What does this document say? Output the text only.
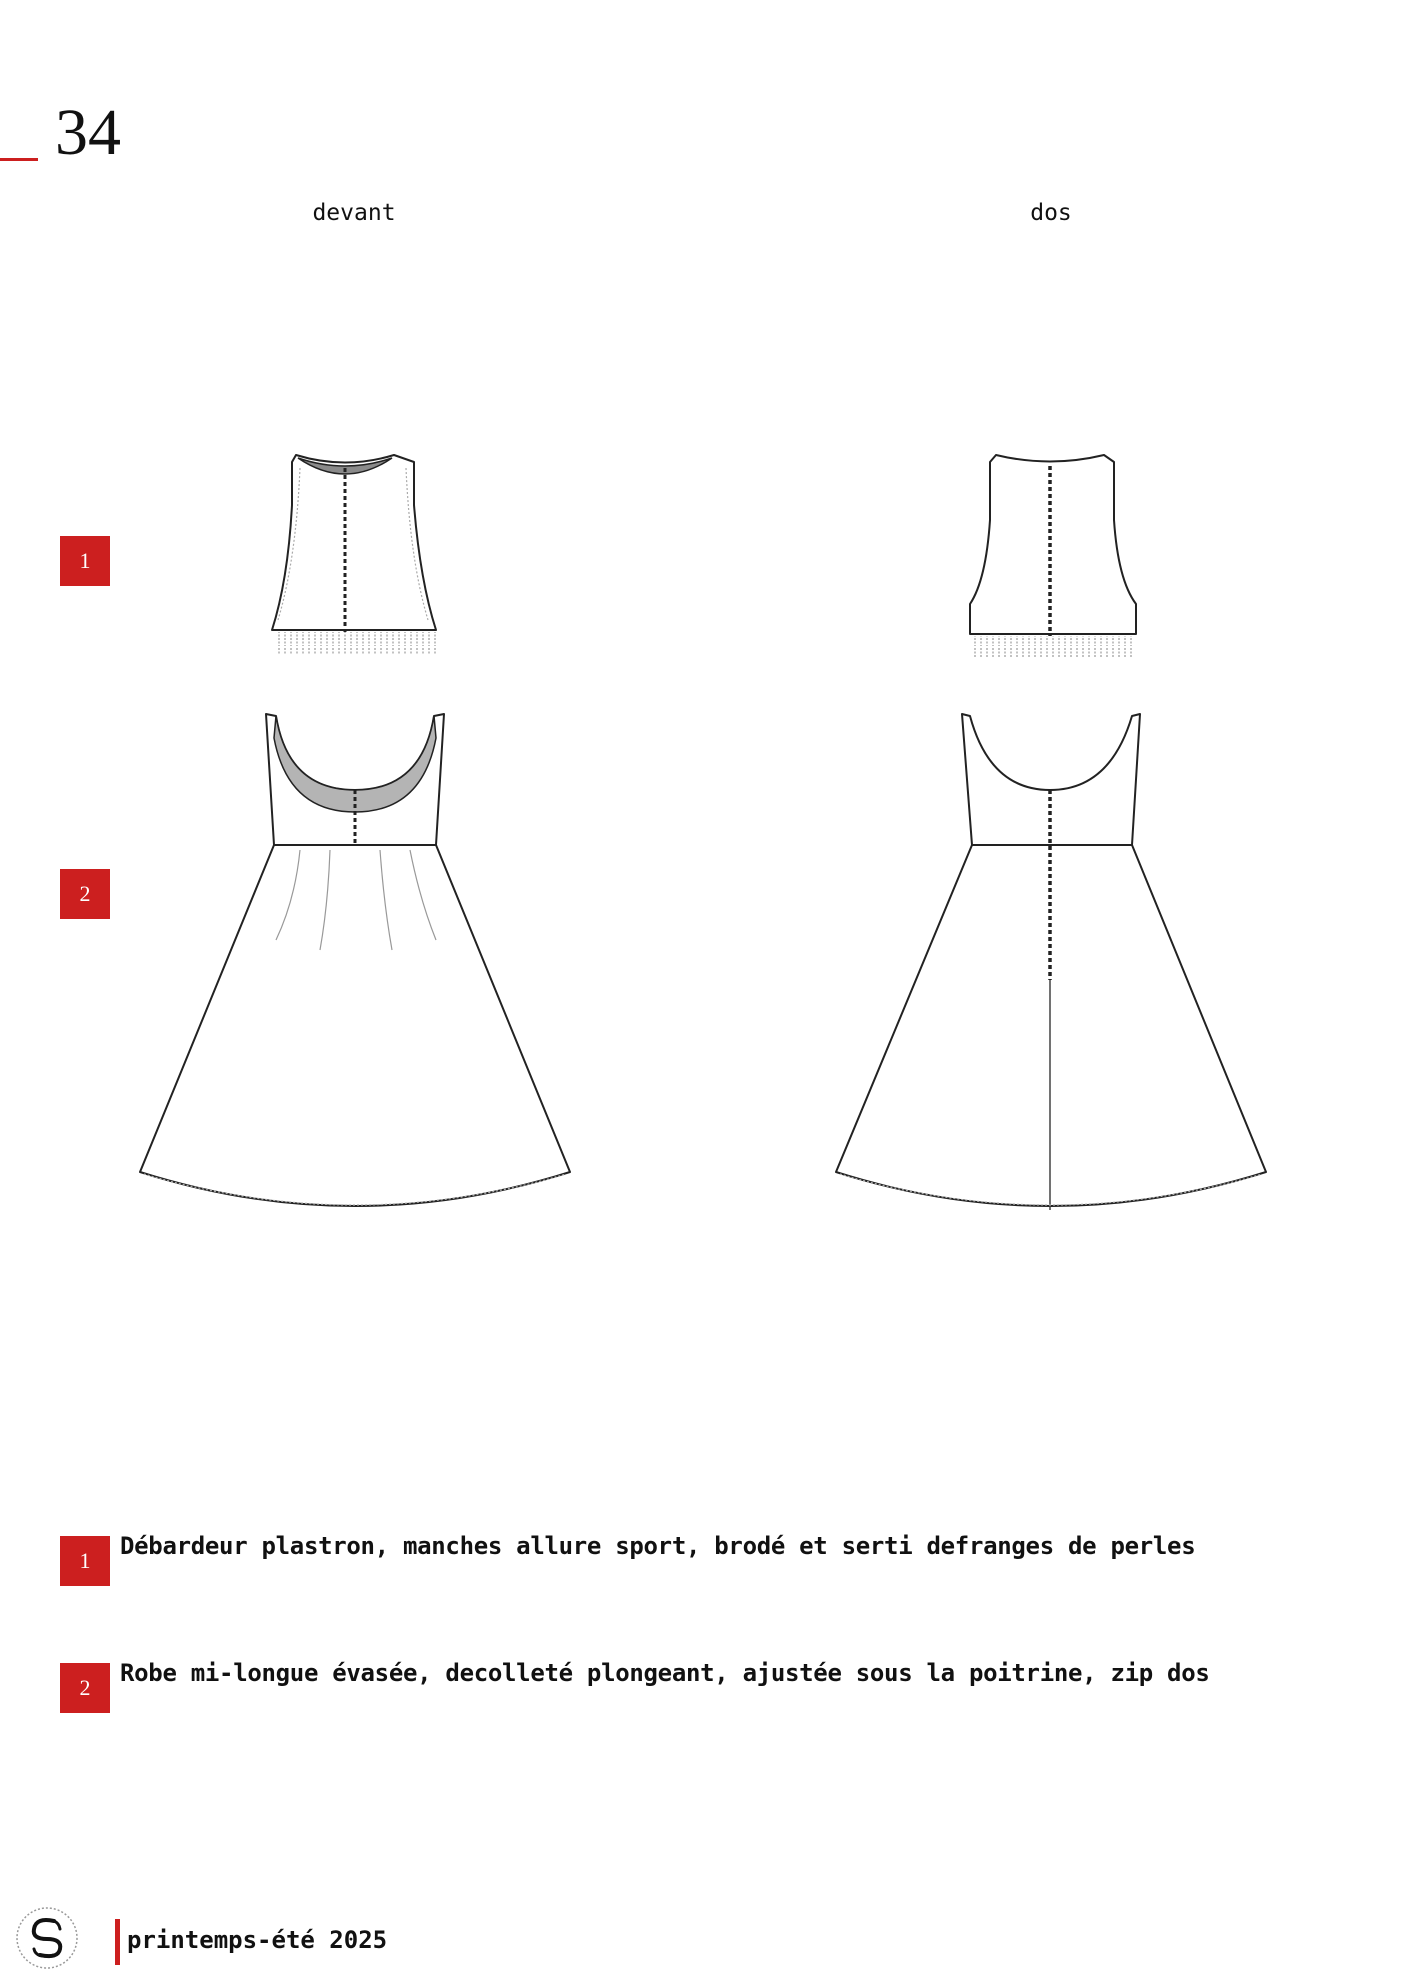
34
devant	dos
1
2
1
Débardeur plastron, manches allure sport, brodé et serti defranges de perles
2
Robe mi-longue évasée, decolleté plongeant, ajustée sous la poitrine, zip dos
printemps-été 2025
